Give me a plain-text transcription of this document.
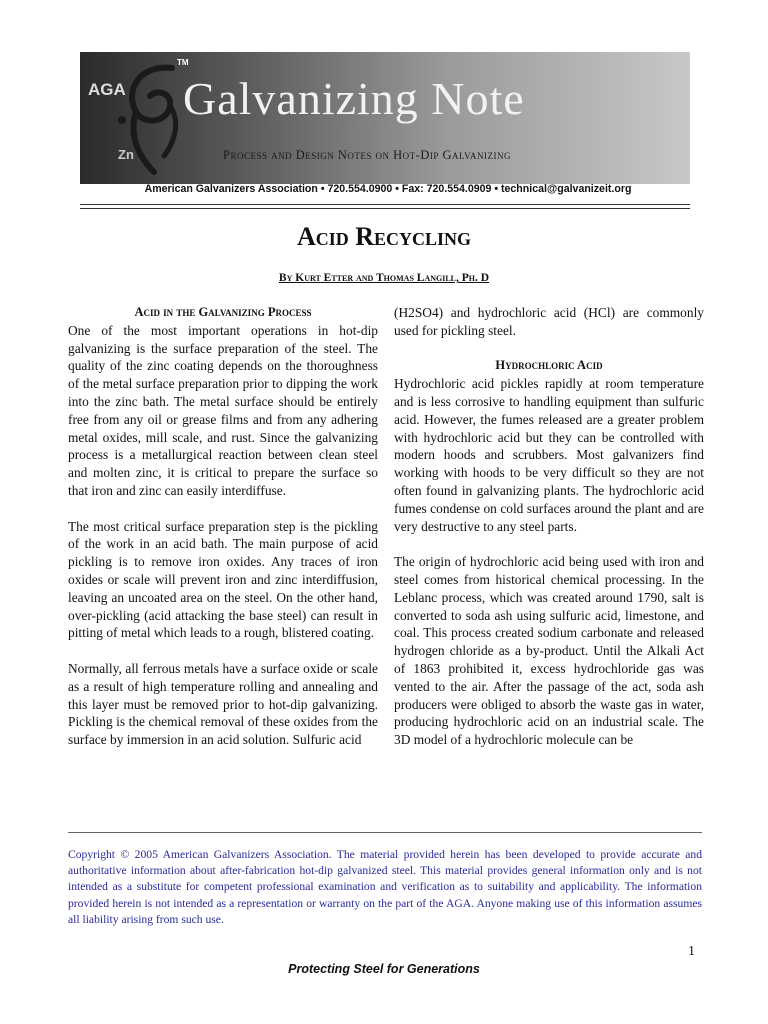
AGA
TM
Zn
Galvanizing Note
Process and Design Notes on Hot-Dip Galvanizing
American Galvanizers Association • 720.554.0900 • Fax: 720.554.0909 • technical@galvanizeit.org
Acid Recycling
By Kurt Etter and Thomas Langill, Ph. D
Acid in the Galvanizing Process

One of the most important operations in hot-dip galvanizing is the surface preparation of the steel. The quality of the zinc coating depends on the thoroughness of the metal surface preparation prior to dipping the work into the zinc bath. The metal surface should be entirely free from any oil or grease films and from any adhering metal oxides, mill scale, and rust. Since the galvanizing process is a metallurgical reaction between clean steel and molten zinc, it is critical to prepare the surface so that iron and zinc can easily interdiffuse.

The most critical surface preparation step is the pickling of the work in an acid bath. The main purpose of acid pickling is to remove iron oxides. Any traces of iron oxides or scale will prevent iron and zinc interdiffusion, leaving an uncoated area on the steel. On the other hand, over-pickling (acid attacking the base steel) can result in pitting of metal which leads to a rough, blistered coating.

Normally, all ferrous metals have a surface oxide or scale as a result of high temperature rolling and annealing and this layer must be removed prior to hot-dip galvanizing. Pickling is the chemical removal of these oxides from the surface by immersion in an acid solution. Sulfuric acid

(H2SO4) and hydrochloric acid (HCl) are commonly used for pickling steel.

Hydrochloric Acid

Hydrochloric acid pickles rapidly at room temperature and is less corrosive to handling equipment than sulfuric acid. However, the fumes released are a greater problem with hydrochloric acid but they can be controlled with modern hoods and scrubbers. Most galvanizers find working with hoods to be very difficult so they are not often found in galvanizing plants. The hydrochloric acid fumes condense on cold surfaces around the plant and are very destructive to any steel parts.

The origin of hydrochloric acid being used with iron and steel comes from historical chemical processing. In the Leblanc process, which was created around 1790, salt is converted to soda ash using sulfuric acid, limestone, and coal. This process created sodium carbonate and released hydrogen chloride as a by-product. Until the Alkali Act of 1863 prohibited it, excess hydrochloride gas was vented to the air. After the passage of the act, soda ash producers were obliged to absorb the waste gas in water, producing hydrochloric acid on an industrial scale. The 3D model of a hydrochloric molecule can be

Copyright © 2005 American Galvanizers Association. The material provided herein has been developed to provide accurate and authoritative information about after-fabrication hot-dip galvanized steel. This material provides general information only and is not intended as a substitute for competent professional examination and verification as to suitability and applicability. The information provided herein is not intended as a representation or warranty on the part of the AGA. Anyone making use of this information assumes all liability arising from such use.
1
Protecting Steel for Generations
